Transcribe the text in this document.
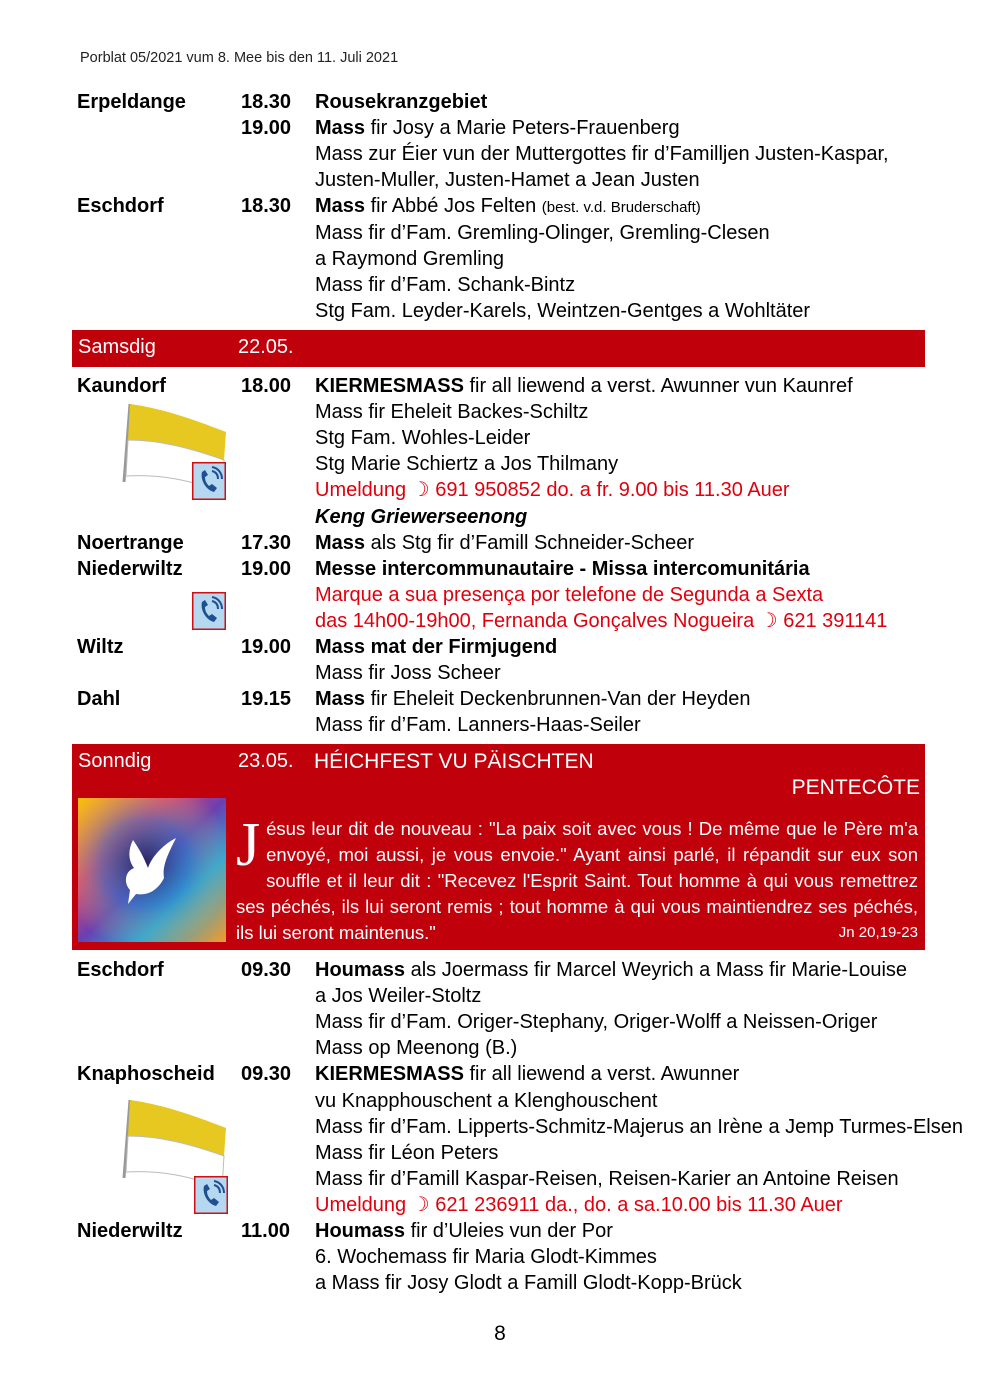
Porblat 05/2021 vum 8. Mee bis den 11. Juli 2021
Erpeldange	18.30 Rousekranzgebiet
19.00 Mass fir Josy a Marie Peters-Frauenberg
Mass zur Éier vun der Muttergottes fir d’Familljen Justen-Kaspar,
Justen-Muller, Justen-Hamet a Jean Justen
Eschdorf	18.30 Mass fir Abbé Jos Felten (best. v.d. Bruderschaft)
Mass fir d’Fam. Gremling-Olinger, Gremling-Clesen
a Raymond Gremling
Mass fir d’Fam. Schank-Bintz
Stg Fam. Leyder-Karels, Weintzen-Gentges a Wohltäter
Samsdig	22.05.
Kaundorf	18.00 KIERMESMASS fir all liewend a verst. Awunner vun Kaunref
Mass fir Eheleit Backes-Schiltz
Stg Fam. Wohles-Leider
Stg Marie Schiertz a Jos Thilmany
Umeldung ☽ 691 950852 do. a fr. 9.00 bis 11.30 Auer
Keng Griewerseenong
Noertrange	17.30 Mass als Stg fir d’Famill Schneider-Scheer
Niederwiltz	19.00 Messe intercommunautaire - Missa intercomunitária
Marque a sua presença por telefone de Segunda a Sexta
das 14h00-19h00, Fernanda Gonçalves Nogueira ☽ 621 391141
Wiltz	19.00 Mass mat der Firmjugend
Mass fir Joss Scheer
Dahl	19.15 Mass fir Eheleit Deckenbrunnen-Van der Heyden
Mass fir d’Fam. Lanners-Haas-Seiler
Sonndig	23.05. HÉICHFEST VU PÄISCHTEN
PENTECÔTE
Jésus leur dit de nouveau : "La paix soit avec vous ! De même que le Père m'a envoyé, moi aussi, je vous envoie." Ayant ainsi parlé, il répandit sur eux son souffle et il leur dit : "Recevez l'Esprit Saint. Tout homme à qui vous remettrez ses péchés, ils lui seront remis ; tout homme à qui vous maintiendrez ses péchés, ils lui seront maintenus."	Jn 20,19-23
Eschdorf	09.30 Houmass als Joermass fir Marcel Weyrich a Mass fir Marie-Louise
a Jos Weiler-Stoltz
Mass fir d’Fam. Origer-Stephany, Origer-Wolff a Neissen-Origer
Mass op Meenong (B.)
Knaphoscheid 09.30 KIERMESMASS fir all liewend a verst. Awunner
vu Knapphouschent a Klenghouschent
Mass fir d’Fam. Lipperts-Schmitz-Majerus an Irène a Jemp Turmes-Elsen
Mass fir Léon Peters
Mass fir d’Famill Kaspar-Reisen, Reisen-Karier an Antoine Reisen
Umeldung ☽ 621 236911 da., do. a sa.10.00 bis 11.30 Auer
Niederwiltz	11.00 Houmass fir d’Uleies vun der Por
6. Wochemass fir Maria Glodt-Kimmes
a Mass fir Josy Glodt a Famill Glodt-Kopp-Brück
8
